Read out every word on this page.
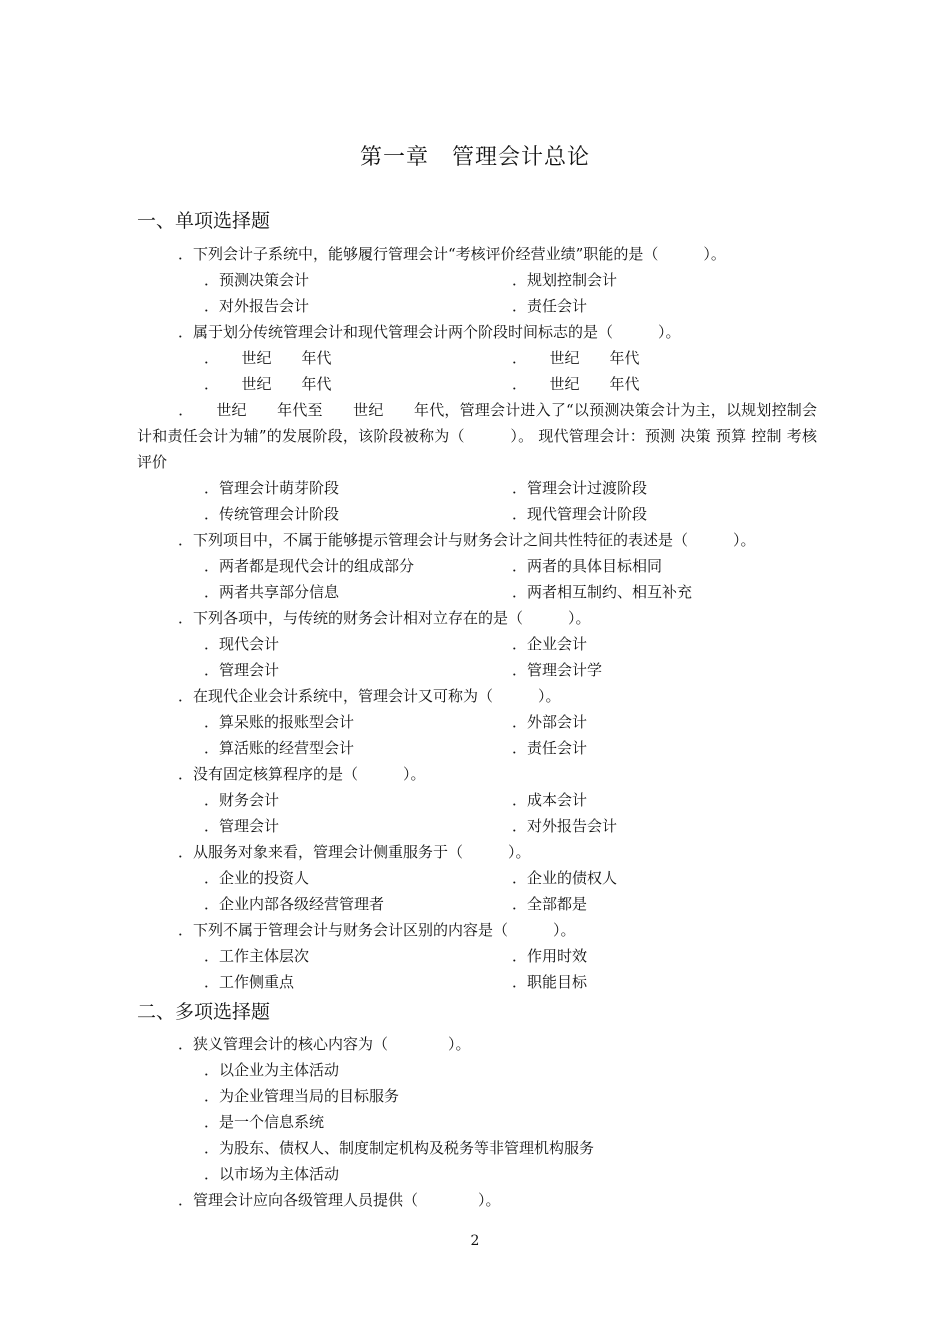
第一章　管理会计总论
一、单项选择题
．下列会计子系统中，能够履行管理会计“考核评价经营业绩”职能的是（　　　）。
．预测决策会计	．规划控制会计
．对外报告会计	．责任会计
．属于划分传统管理会计和现代管理会计两个阶段时间标志的是（　　　）。
．　　世纪　　年代	．　　世纪　　年代
．　　世纪　　年代	．　　世纪　　年代
．　　世纪　　年代至　　世纪　　年代，管理会计进入了“以预测决策会计为主，以规划控制会计和责任会计为辅”的发展阶段，该阶段被称为（　　　）。 现代管理会计：预测 决策 预算 控制 考核评价
．管理会计萌芽阶段	．管理会计过渡阶段
．传统管理会计阶段	．现代管理会计阶段
．下列项目中，不属于能够提示管理会计与财务会计之间共性特征的表述是（　　　）。
．两者都是现代会计的组成部分	．两者的具体目标相同
．两者共享部分信息	．两者相互制约、相互补充
．下列各项中，与传统的财务会计相对立存在的是（　　　）。
．现代会计	．企业会计
．管理会计	．管理会计学
．在现代企业会计系统中，管理会计又可称为（　　　）。
．算呆账的报账型会计	．外部会计
．算活账的经营型会计	．责任会计
．没有固定核算程序的是（　　　）。
．财务会计	．成本会计
．管理会计	．对外报告会计
．从服务对象来看，管理会计侧重服务于（　　　）。
．企业的投资人	．企业的债权人
．企业内部各级经营管理者	．全部都是
．下列不属于管理会计与财务会计区别的内容是（　　　）。
．工作主体层次	．作用时效
．工作侧重点	．职能目标
二、多项选择题
．狭义管理会计的核心内容为（　　　　）。
．以企业为主体活动
．为企业管理当局的目标服务
．是一个信息系统
．为股东、债权人、制度制定机构及税务等非管理机构服务
．以市场为主体活动
．管理会计应向各级管理人员提供（　　　　）。
2
